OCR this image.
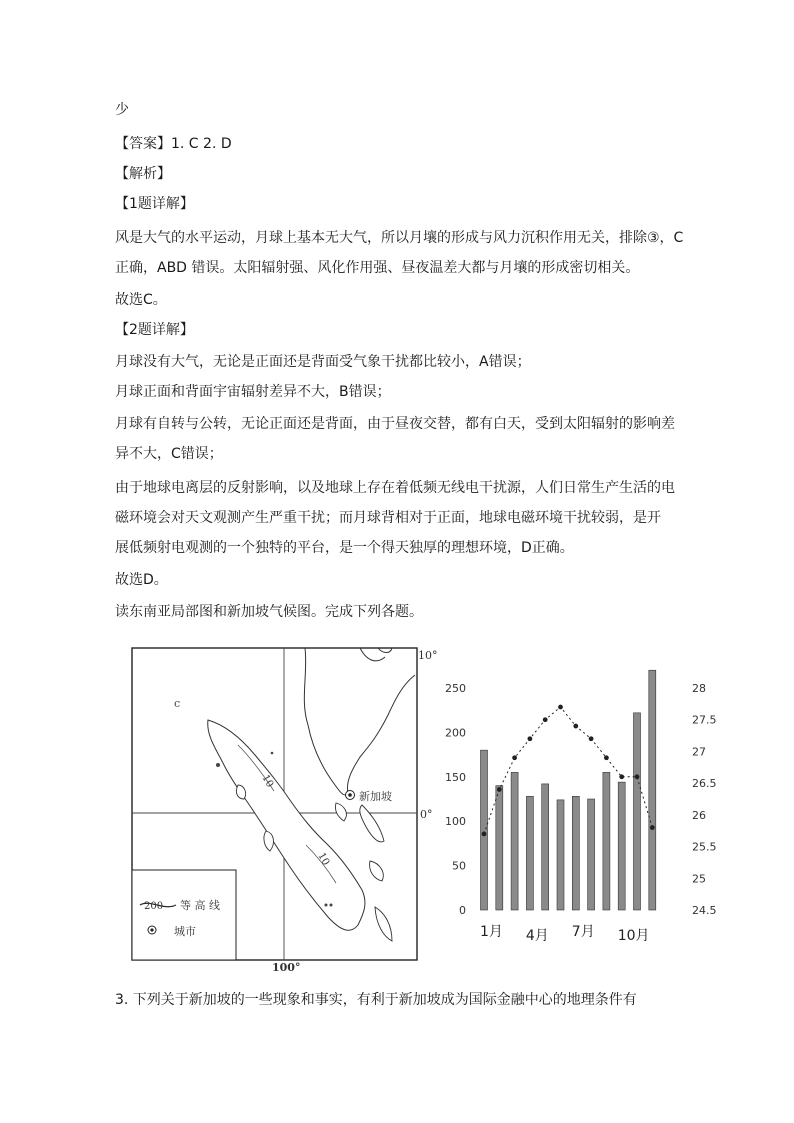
少
【答案】1. C 2. D
【解析】
【1题详解】
风是大气的水平运动，月球上基本无大气，所以月壤的形成与风力沉积作用无关，排除③，C
正确，ABD 错误。太阳辐射强、风化作用强、昼夜温差大都与月壤的形成密切相关。
故选C。
【2题详解】
月球没有大气，无论是正面还是背面受气象干扰都比较小，A错误；
月球正面和背面宇宙辐射差异不大，B错误；
月球有自转与公转，无论正面还是背面，由于昼夜交替，都有白天，受到太阳辐射的影响差
异不大，C错误；
由于地球电离层的反射影响，以及地球上存在着低频无线电干扰源，人们日常生产生活的电
磁环境会对天文观测产生严重干扰；而月球背相对于正面，地球电磁环境干扰较弱，是开
展低频射电观测的一个独特的平台，是一个得天独厚的理想环境，D正确。
故选D。
读东南亚局部图和新加坡气候图。完成下列各题。
c
10
10
新加坡
10°
0°
100°
200 等 高 线
城市
0
50
100
150
200
250
24.5
25
25.5
26
26.5
27
27.5
28
1月 4月 7月 10月
3. 下列关于新加坡的一些现象和事实，有利于新加坡成为国际金融中心的地理条件有
